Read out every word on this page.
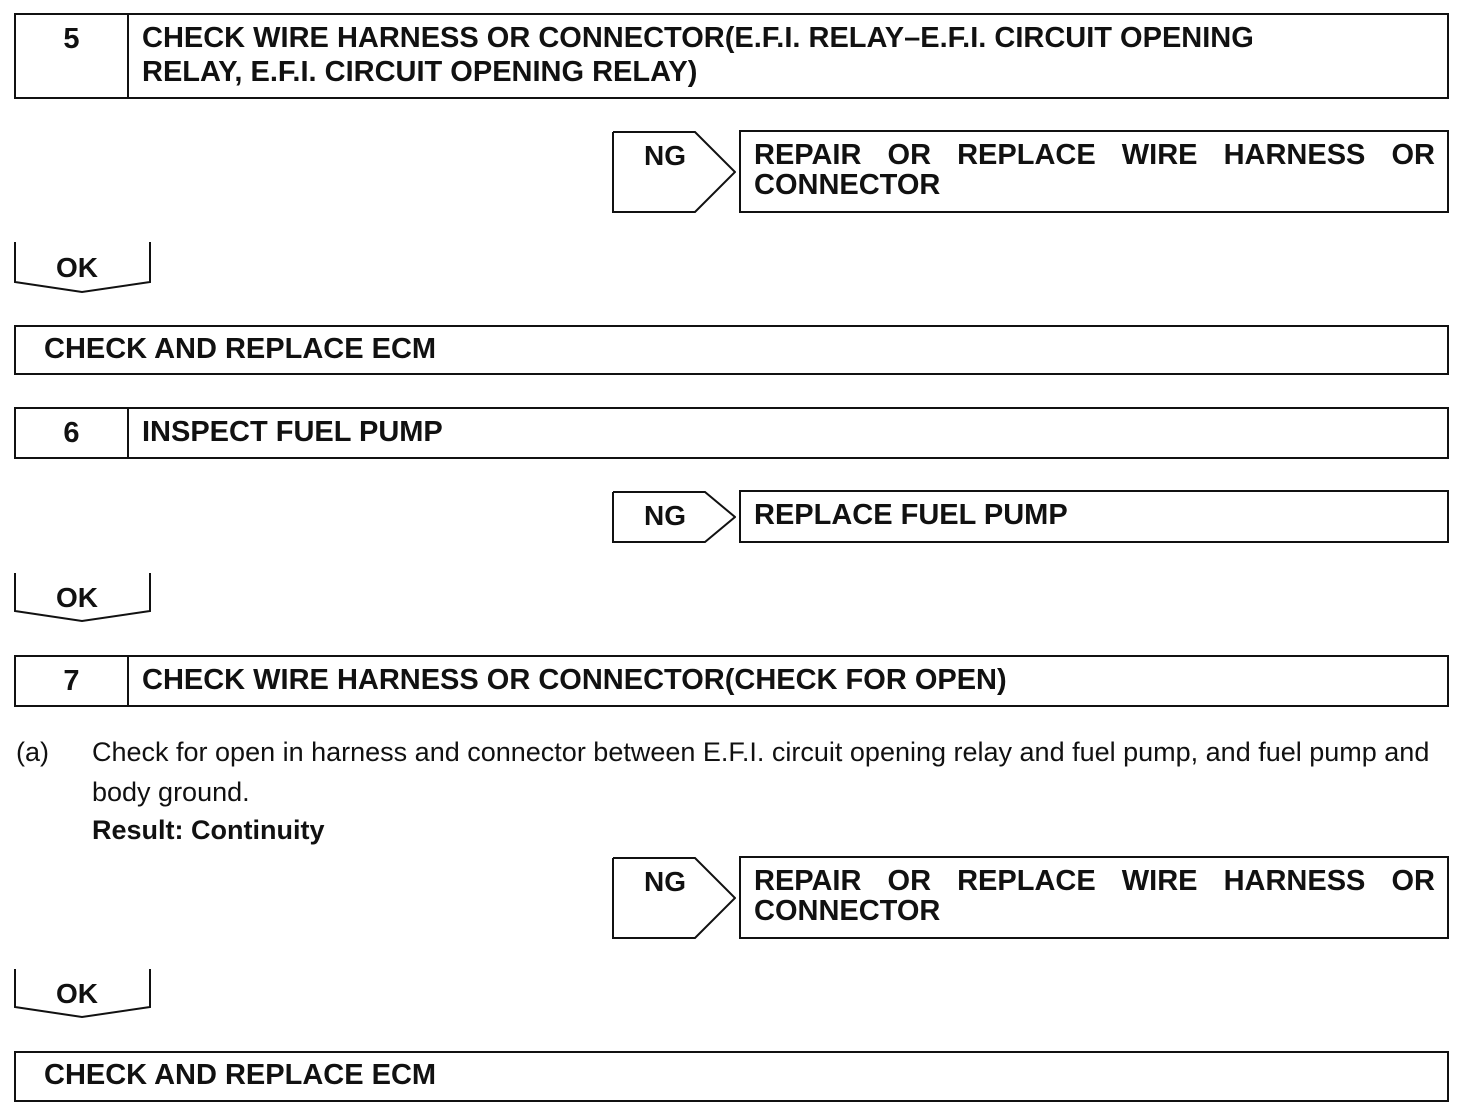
5	CHECK WIRE HARNESS OR CONNECTOR(E.F.I. RELAY–E.F.I. CIRCUIT OPENING
RELAY, E.F.I. CIRCUIT OPENING RELAY)
NG REPAIR OR REPLACE WIRE HARNESS OR
CONNECTOR
OK
CHECK AND REPLACE ECM
6	INSPECT FUEL PUMP
NG REPLACE FUEL PUMP
OK
7	CHECK WIRE HARNESS OR CONNECTOR(CHECK FOR OPEN)
(a) Check for open in harness and connector between E.F.I. circuit opening relay and fuel pump, and fuel pump and body ground.
Result: Continuity
NG REPAIR OR REPLACE WIRE HARNESS OR
CONNECTOR
OK
CHECK AND REPLACE ECM
